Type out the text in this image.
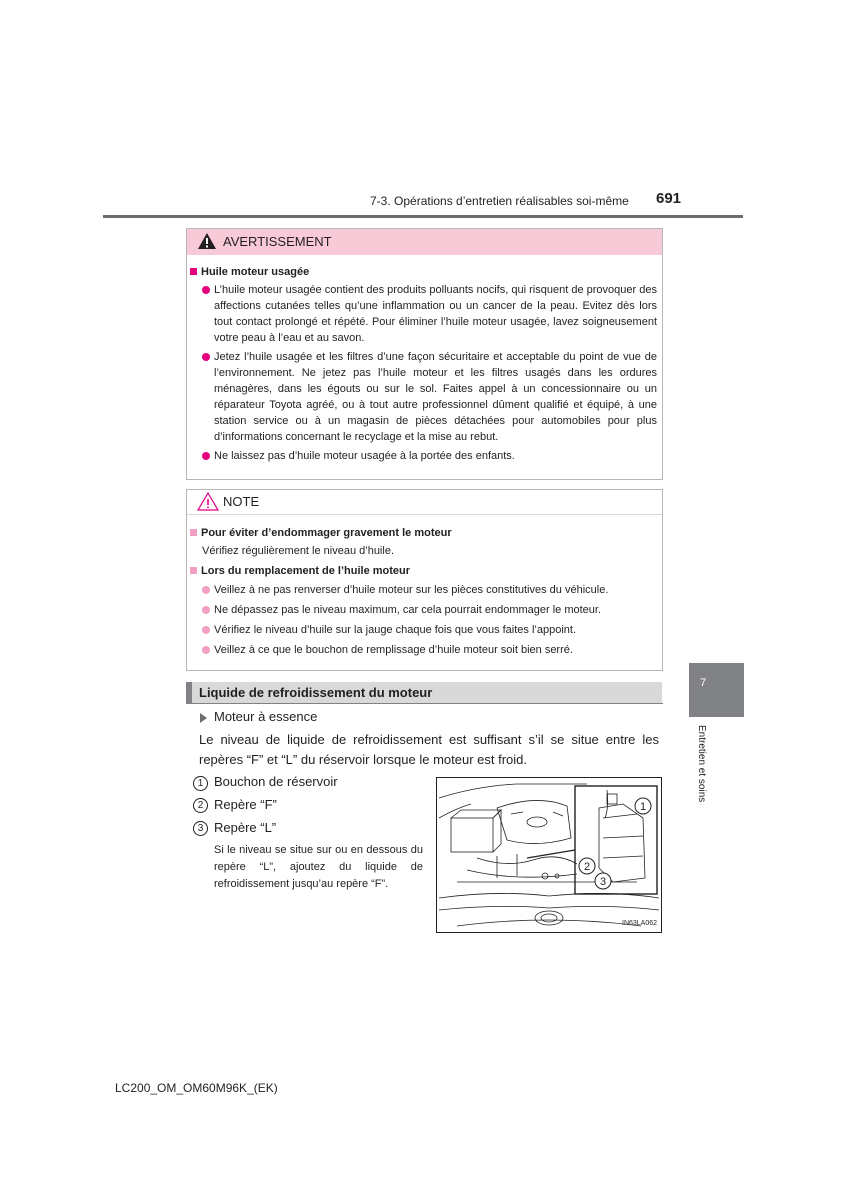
7-3. Opérations d’entretien réalisables soi-même 691
AVERTISSEMENT
Huile moteur usagée
L’huile moteur usagée contient des produits polluants nocifs, qui risquent de provoquer des affections cutanées telles qu’une inflammation ou un cancer de la peau. Evitez dès lors tout contact prolongé et répété. Pour éliminer l’huile moteur usagée, lavez soigneusement votre peau à l’eau et au savon.
Jetez l’huile usagée et les filtres d’une façon sécuritaire et acceptable du point de vue de l’environnement. Ne jetez pas l’huile moteur et les filtres usagés dans les ordures ménagères, dans les égouts ou sur le sol. Faites appel à un concessionnaire ou un réparateur Toyota agréé, ou à tout autre professionnel dûment qualifié et équipé, à une station service ou à un magasin de pièces détachées pour automobiles pour plus d’informations concernant le recyclage et la mise au rebut.
Ne laissez pas d’huile moteur usagée à la portée des enfants.
NOTE
Pour éviter d’endommager gravement le moteur
Vérifiez régulièrement le niveau d’huile.
Lors du remplacement de l’huile moteur
Veillez à ne pas renverser d’huile moteur sur les pièces constitutives du véhicule.
Ne dépassez pas le niveau maximum, car cela pourrait endommager le moteur.
Vérifiez le niveau d’huile sur la jauge chaque fois que vous faites l’appoint.
Veillez à ce que le bouchon de remplissage d’huile moteur soit bien serré.
Liquide de refroidissement du moteur
Moteur à essence
Le niveau de liquide de refroidissement est suffisant s’il se situe entre les repères “F” et “L” du réservoir lorsque le moteur est froid.
1 Bouchon de réservoir
2 Repère “F”
3 Repère “L”
Si le niveau se situe sur ou en dessous du repère “L”, ajoutez du liquide de refroidissement jusqu’au repère “F”.
1
2
3
IN63LA062
7
Entretien et soins
LC200_OM_OM60M96K_(EK)
